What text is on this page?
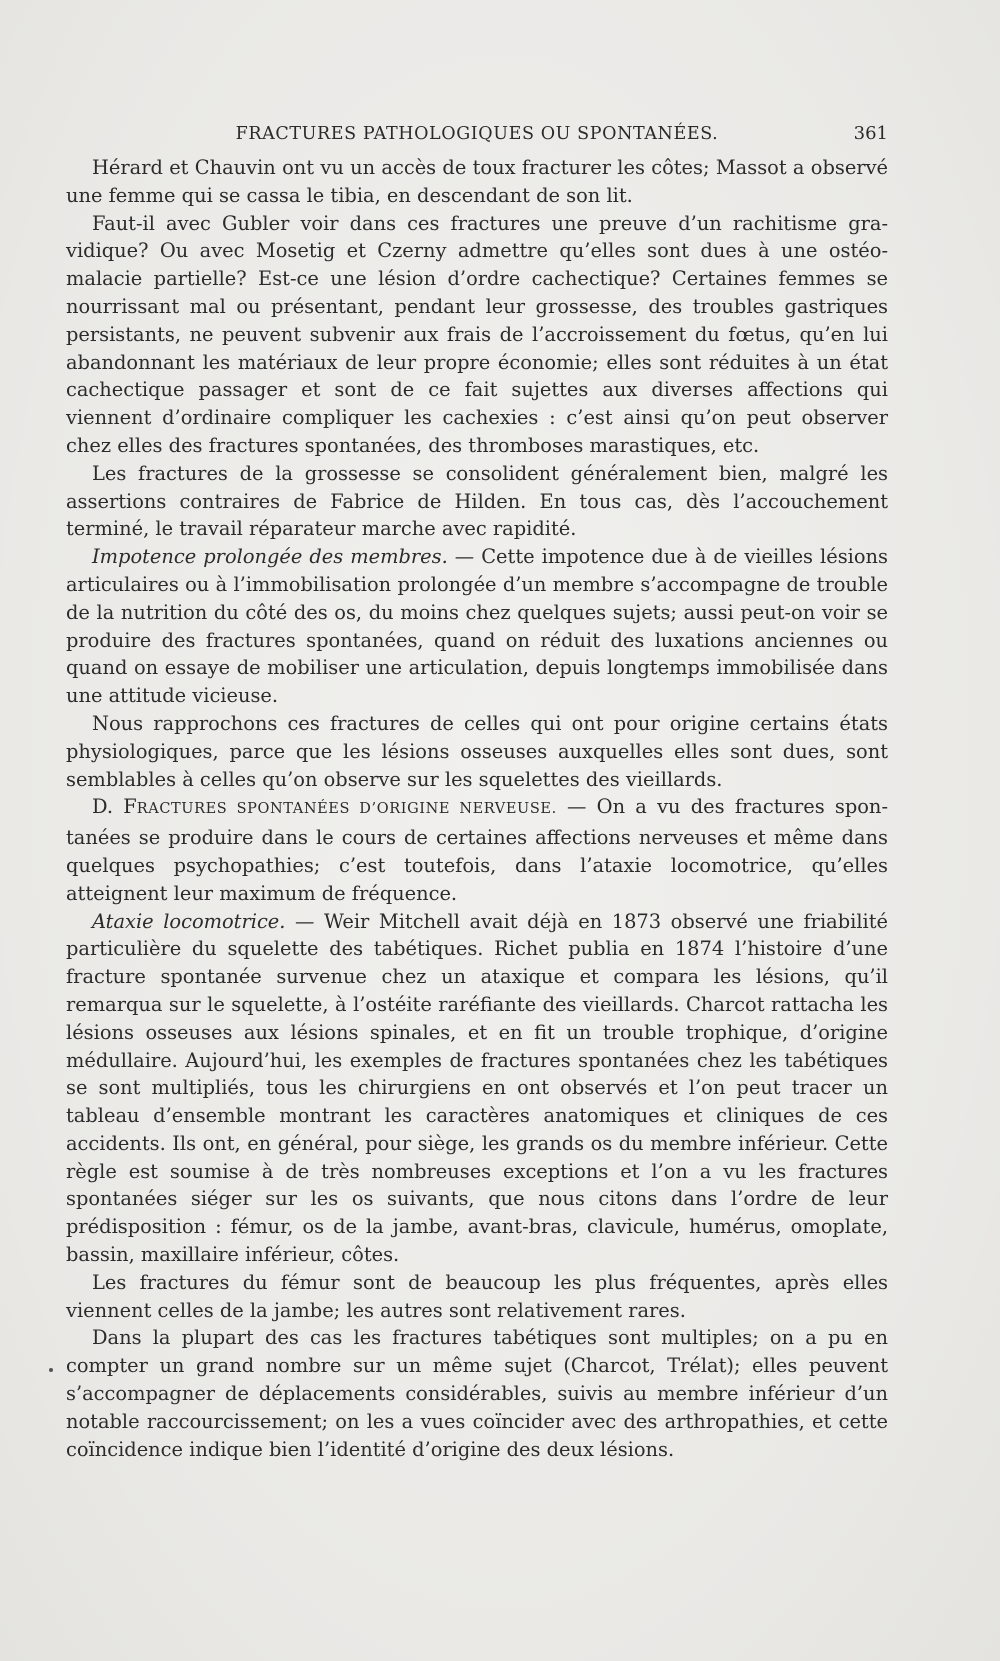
FRACTURES PATHOLOGIQUES OU SPONTANÉES.	361

Hérard et Chauvin ont vu un accès de toux fracturer les côtes; Massot a observé une femme qui se cassa le tibia, en descendant de son lit.

Faut-il avec Gubler voir dans ces fractures une preuve d’un rachitisme gravidique? Ou avec Mosetig et Czerny admettre qu’elles sont dues à une ostéomalacie partielle? Est-ce une lésion d’ordre cachectique? Certaines femmes se nourrissant mal ou présentant, pendant leur grossesse, des troubles gastriques persistants, ne peuvent subvenir aux frais de l’accroissement du fœtus, qu’en lui abandonnant les matériaux de leur propre économie; elles sont réduites à un état cachectique passager et sont de ce fait sujettes aux diverses affections qui viennent d’ordinaire compliquer les cachexies : c’est ainsi qu’on peut observer chez elles des fractures spontanées, des thromboses marastiques, etc.

Les fractures de la grossesse se consolident généralement bien, malgré les assertions contraires de Fabrice de Hilden. En tous cas, dès l’accouchement terminé, le travail réparateur marche avec rapidité.

Impotence prolongée des membres. — Cette impotence due à de vieilles lésions articulaires ou à l’immobilisation prolongée d’un membre s’accompagne de trouble de la nutrition du côté des os, du moins chez quelques sujets; aussi peut-on voir se produire des fractures spontanées, quand on réduit des luxations anciennes ou quand on essaye de mobiliser une articulation, depuis longtemps immobilisée dans une attitude vicieuse.

Nous rapprochons ces fractures de celles qui ont pour origine certains états physiologiques, parce que les lésions osseuses auxquelles elles sont dues, sont semblables à celles qu’on observe sur les squelettes des vieillards.

D. FRACTURES SPONTANÉES D’ORIGINE NERVEUSE. — On a vu des fractures spontanées se produire dans le cours de certaines affections nerveuses et même dans quelques psychopathies; c’est toutefois, dans l’ataxie locomotrice, qu’elles atteignent leur maximum de fréquence.

Ataxie locomotrice. — Weir Mitchell avait déjà en 1873 observé une friabilité particulière du squelette des tabétiques. Richet publia en 1874 l’histoire d’une fracture spontanée survenue chez un ataxique et compara les lésions, qu’il remarqua sur le squelette, à l’ostéite raréfiante des vieillards. Charcot rattacha les lésions osseuses aux lésions spinales, et en fit un trouble trophique, d’origine médullaire. Aujourd’hui, les exemples de fractures spontanées chez les tabétiques se sont multipliés, tous les chirurgiens en ont observés et l’on peut tracer un tableau d’ensemble montrant les caractères anatomiques et cliniques de ces accidents. Ils ont, en général, pour siège, les grands os du membre inférieur. Cette règle est soumise à de très nombreuses exceptions et l’on a vu les fractures spontanées siéger sur les os suivants, que nous citons dans l’ordre de leur prédisposition : fémur, os de la jambe, avant-bras, clavicule, humérus, omoplate, bassin, maxillaire inférieur, côtes.

Les fractures du fémur sont de beaucoup les plus fréquentes, après elles viennent celles de la jambe; les autres sont relativement rares.

Dans la plupart des cas les fractures tabétiques sont multiples; on a pu en compter un grand nombre sur un même sujet (Charcot, Trélat); elles peuvent s’accompagner de déplacements considérables, suivis au membre inférieur d’un notable raccourcissement; on les a vues coïncider avec des arthropathies, et cette coïncidence indique bien l’identité d’origine des deux lésions.
